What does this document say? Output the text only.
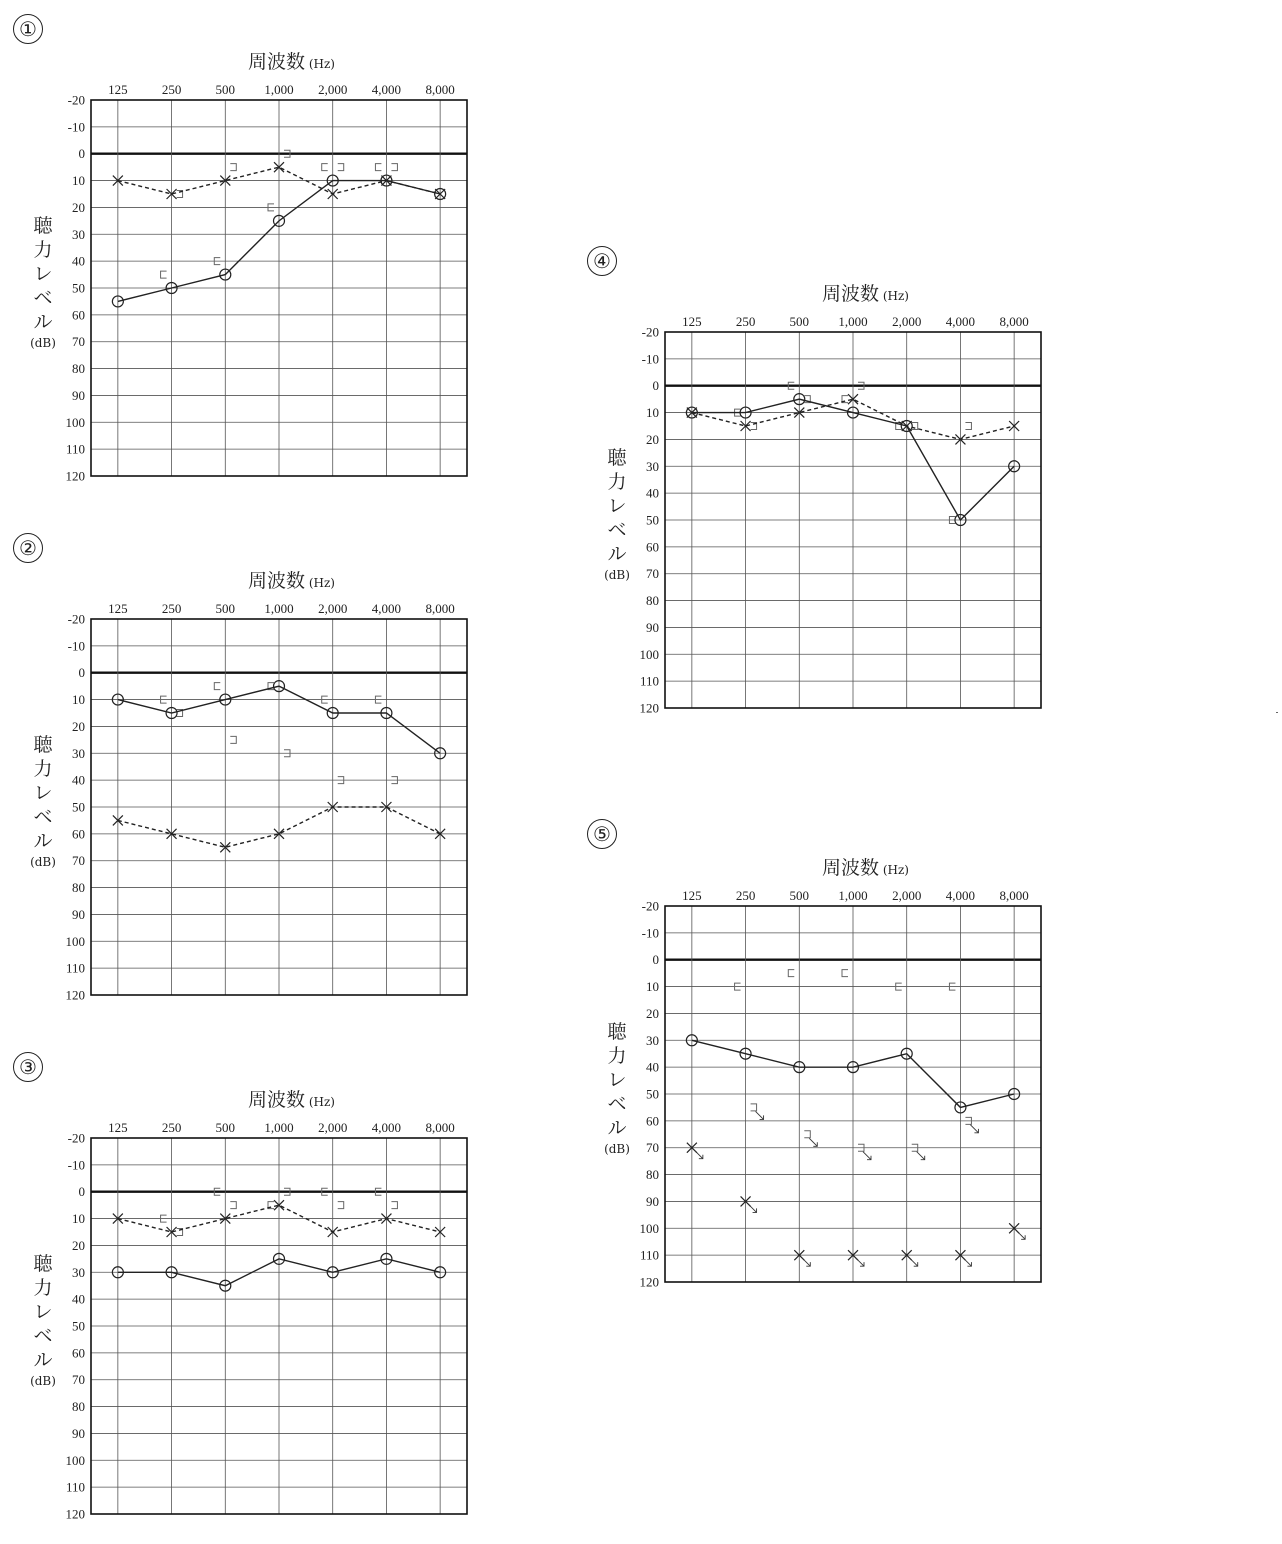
①
周波数 (Hz)
聴
力
レ
ベ
ル
(dB)
125	250	500 1,000 2,000 4,000 8,000
-20
-10
0
10
20
30
40
50
60
70
80
90
100
110
120
②
周波数 (Hz)
聴
力
レ
ベ
ル
(dB)
125	250	500 1,000 2,000 4,000 8,000
-20
-10
0
10
20
30
40
50
60
70
80
90
100
110
120
③
周波数 (Hz)
聴
力
レ
ベ
ル
(dB)
125	250	500 1,000 2,000 4,000 8,000
-20
-10
0
10
20
30
40
50
60
70
80
90
100
110
120
④
周波数 (Hz)
聴
力
レ
ベ
ル
(dB)
125	250	500 1,000 2,000 4,000 8,000
-20
-10
0
10
20
30
40
50
60
70
80
90
100
110
120
⑤
周波数 (Hz)
聴
力
レ
ベ
ル
(dB)
125	250	500 1,000 2,000 4,000 8,000
-20
-10
0
10
20
30
40
50
60
70
80
90
100
110
120
